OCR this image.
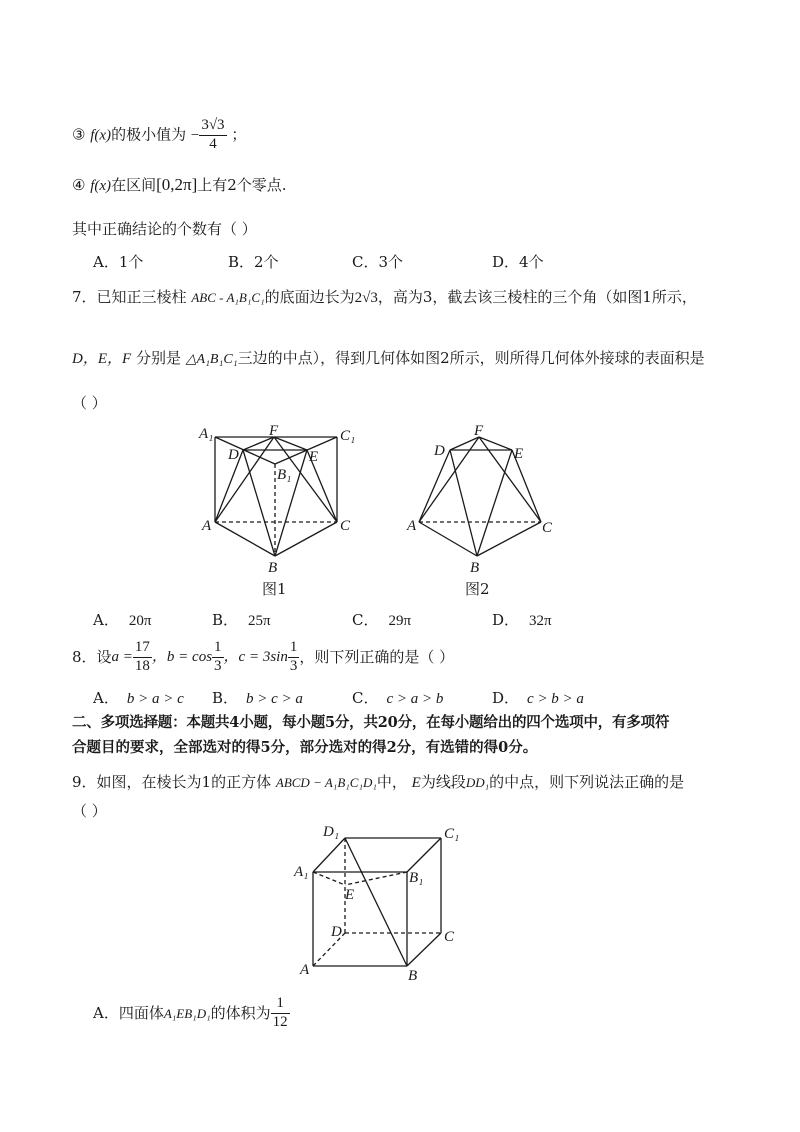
③ f(x)的极小值为 − $\frac{3√3}{4}$ ；
④ f(x)在区间[0,2π]上有2个零点.
其中正确结论的个数有（ ）
A．1个	B．2个	C．3个	D．4个
7．已知正三棱柱 ABC - A₁B₁C₁的底面边长为2√3，高为3，截去该三棱柱的三个角（如图1所示，
D，E，F 分别是 △A₁B₁C₁三边的中点），得到几何体如图2所示，则所得几何体外接球的表面积是
（ ）
A₁	C₁
F
D	E
B₁
A	C
B
图1
F
D	E
A	C
B
图2
A． 20π	B． 25π	C． 29π	D． 32π
8．设$a = \frac{17}{18}$ ，$b = \cos \frac{1}{3}$ ，$c = 3\sin \frac{1}{3}$ ，则下列正确的是（ ）
A． b > a > c B． b > c > a	C． c > a > b	D． c > b > a
二、多项选择题：本题共4小题，每小题5分，共20分，在每小题给出的四个选项中，有多项符
合题目的要求，全部选对的得5分，部分选对的得2分，有选错的得0分。
9．如图，在棱长为1的正方体 ABCD − A₁B₁C₁D₁中， E为线段DD₁的中点，则下列说法正确的是
（ ）
D₁	C₁
A₁	B₁
E
D	C
A	B
A．四面体A₁EB₁D₁的体积为 $\frac{1}{12}$
